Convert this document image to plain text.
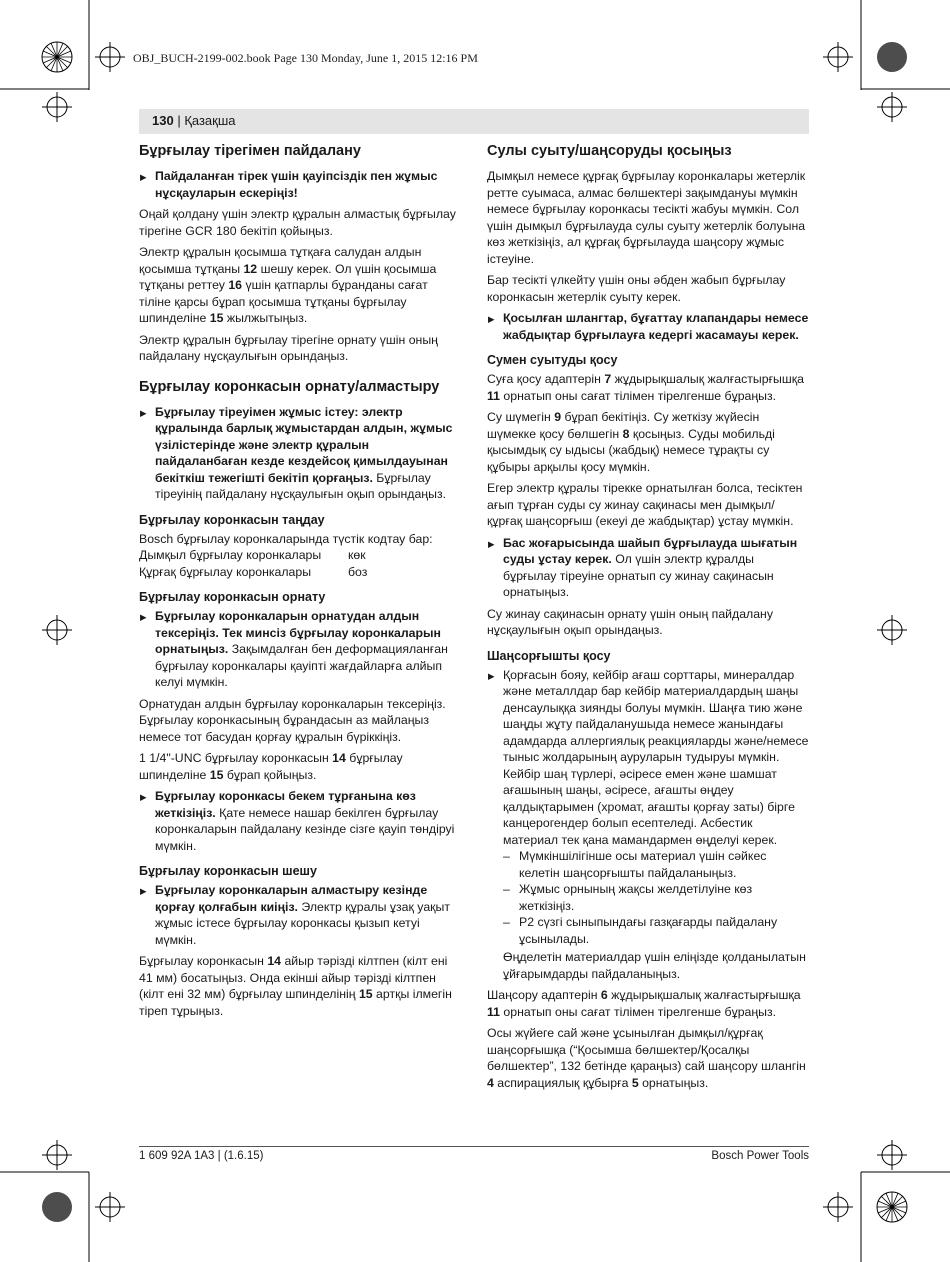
OBJ_BUCH-2199-002.book Page 130 Monday, June 1, 2015 12:16 PM
130 | Қазақша
Бұрғылау тірегімен пайдалану
▶ Пайдаланған тірек үшін қауіпсіздік пен жұмыс нұсқауларын ескеріңіз!

Оңай қолдану үшін электр құралын алмастық бұрғылау тірегіне GCR 180 бекітіп қойыңыз.

Электр құралын қосымша тұтқаға салудан алдын қосымша тұтқаны 12 шешу керек. Ол үшін қосымша тұтқаны реттеу 16 үшін қатпарлы бұранданы сағат тіліне қарсы бұрап қосымша тұтқаны бұрғылау шпинделіне 15 жылжытыңыз.

Электр құралын бұрғылау тірегіне орнату үшін оның пайдалану нұсқаулығын орындаңыз.

Бұрғылау коронкасын орнату/алмастыру
▶ Бұрғылау тіреуімен жұмыс істеу: электр құралында барлық жұмыстардан алдын, жұмыс үзілістерінде және электр құралын пайдаланбаған кезде кездейсоқ қимылдауынан бекіткіш тежегішті бекітіп қорғаңыз. Бұрғылау тіреуінің пайдалану нұсқаулығын оқып орындаңыз.
Бұрғылау коронкасын таңдау

Bosch бұрғылау коронкаларында түстік кодтау бар:

Дымқыл бұрғылау коронкалары	көк
Құрғақ бұрғылау коронкалары	боз
Бұрғылау коронкасын орнату
▶ Бұрғылау коронкаларын орнатудан алдын тексеріңіз. Тек минсіз бұрғылау коронкаларын орнатыңыз. Зақымдалған бен деформацияланған бұрғылау коронкалары қауіпті жағдайларға алйып келуі мүмкін.

Орнатудан алдын бұрғылау коронкаларын тексеріңіз. Бұрғылау коронкасының бұрандасын аз майлаңыз немесе тот басудан қорғау құралын бүріккіңіз.

1 1/4"-UNC бұрғылау коронкасын 14 бұрғылау шпинделіне 15 бұрап қойыңыз.

▶ Бұрғылау коронкасы бекем тұрғанына көз жеткізіңіз. Қате немесе нашар бекілген бұрғылау коронкаларын пайдалану кезінде сізге қауіп төндіруі мүмкін.
Бұрғылау коронкасын шешу
▶ Бұрғылау коронкаларын алмастыру кезінде қорғау қолғабын киіңіз. Электр құралы ұзақ уақыт жұмыс істесе бұрғылау коронкасы қызып кетуі мүмкін.

Бұрғылау коронкасын 14 айыр тәрізді кілтпен (кілт ені 41 мм) босатыңыз. Онда екінші айыр тәрізді кілтпен (кілт ені 32 мм) бұрғылау шпинделінің 15 артқы ілмегін тіреп тұрыңыз.

Сулы суыту/шаңсоруды қосыңыз

Дымқыл немесе құрғақ бұрғылау коронкалары жетерлік ретте суымаса, алмас бөлшектері зақымдануы мүмкін немесе бұрғылау коронкасы тесікті жабуы мүмкін. Сол үшін дымқыл бұрғылауда сулы суыту жетерлік болуына көз жеткізіңіз, ал құрғақ бұрғылауда шаңсору жұмыс істеуіне.

Бар тесікті үлкейту үшін оны әбден жабып бұрғылау коронкасын жетерлік суыту керек.

▶ Қосылған шлангтар, бұғаттау клапандары немесе жабдықтар бұрғылауға кедергі жасамауы керек.
Сумен суытуды қосу

Суға қосу адаптерін 7 жұдырықшалық жалғастырғышқа 11 орнатып оны сағат тілімен тірелгенше бұраңыз.

Су шүмегін 9 бұрап бекітіңіз. Су жеткізу жүйесін шүмекке қосу бөлшегін 8 қосыңыз. Суды мобильді қысымдық су ыдысы (жабдық) немесе тұрақты су құбыры арқылы қосу мүмкін.

Егер электр құралы тірекке орнатылған болса, тесіктен ағып тұрған суды су жинау сақинасы мен дымқыл/құрғақ шаңсорғыш (екеуі де жабдықтар) ұстау мүмкін.

▶ Бас жоғарысында шайып бұрғылауда шығатын суды ұстау керек. Ол үшін электр құралды бұрғылау тіреуіне орнатып су жинау сақинасын орнатыңыз.

Су жинау сақинасын орнату үшін оның пайдалану нұсқаулығын оқып орындаңыз.

Шаңсорғышты қосу
▶ Қорғасын бояу, кейбір ағаш сорттары, минералдар және металлдар бар кейбір материалдардың шаңы денсаулыққа зиянды болуы мүмкін. Шаңға тию және шаңды жұту пайдаланушыда немесе жанындағы адамдарда аллергиялық реакцияларды және/немесе тыныс жолдарының ауруларын тудыруы мүмкін. Кейбір шаң түрлері, әсіресе емен және шамшат ағашының шаңы, әсіресе, ағашты өңдеу қалдықтарымен (хромат, ағашты қорғау заты) бірге канцерогендер болып есептеледі. Асбестик материал тек қана мамандармен өңделуі керек.

– Мүмкіншілігінше осы материал үшін сәйкес келетін шаңсорғышты пайдаланыңыз.

– Жұмыс орнының жақсы желдетілуіне көз жеткізіңіз.

– P2 сүзгі сыныпындағы газқағарды пайдалану ұсынылады.

Өңделетін материалдар үшін еліңізде қолданылатын ұйғарымдарды пайдаланыңыз.

Шаңсору адаптерін 6 жұдырықшалық жалғастырғышқа 11 орнатып оны сағат тілімен тірелгенше бұраңыз.

Осы жүйеге сай және ұсынылған дымқыл/құрғақ шаңсорғышқа (“Қосымша бөлшектер/Қосалқы бөлшектер”, 132 бетінде қараңыз) сай шаңсору шлангін 4 аспирациялық құбырға 5 орнатыңыз.

1 609 92A 1A3 | (1.6.15)	Bosch Power Tools
